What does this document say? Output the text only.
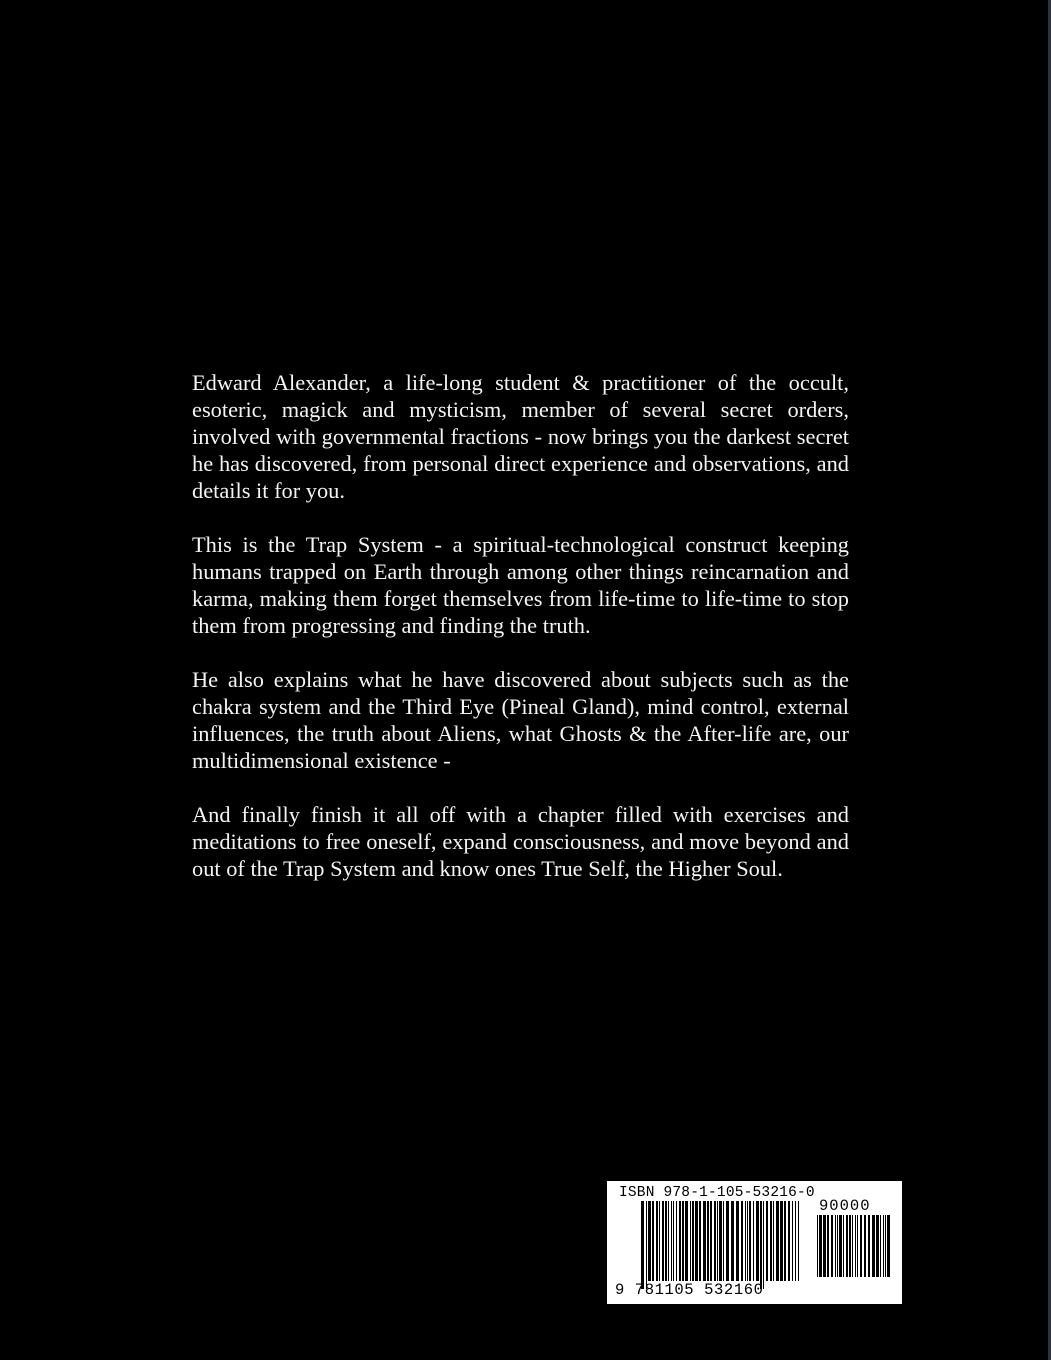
Edward Alexander, a life-long student & practitioner of the occult, esoteric, magick and mysticism, member of several secret orders, involved with governmental fractions - now brings you the darkest secret he has discovered, from personal direct experience and observations, and details it for you.

This is the Trap System - a spiritual-technological construct keeping humans trapped on Earth through among other things reincarnation and karma, making them forget themselves from life-time to life-time to stop them from progressing and finding the truth.

He also explains what he have discovered about subjects such as the chakra system and the Third Eye (Pineal Gland), mind control, external influences, the truth about Aliens, what Ghosts & the After-life are, our multidimensional existence -

And finally finish it all off with a chapter filled with exercises and meditations to free oneself, expand consciousness, and move beyond and out of the Trap System and know ones True Self, the Higher Soul.

ISBN 978-1-105-53216-0
90000
9 781105 532160
